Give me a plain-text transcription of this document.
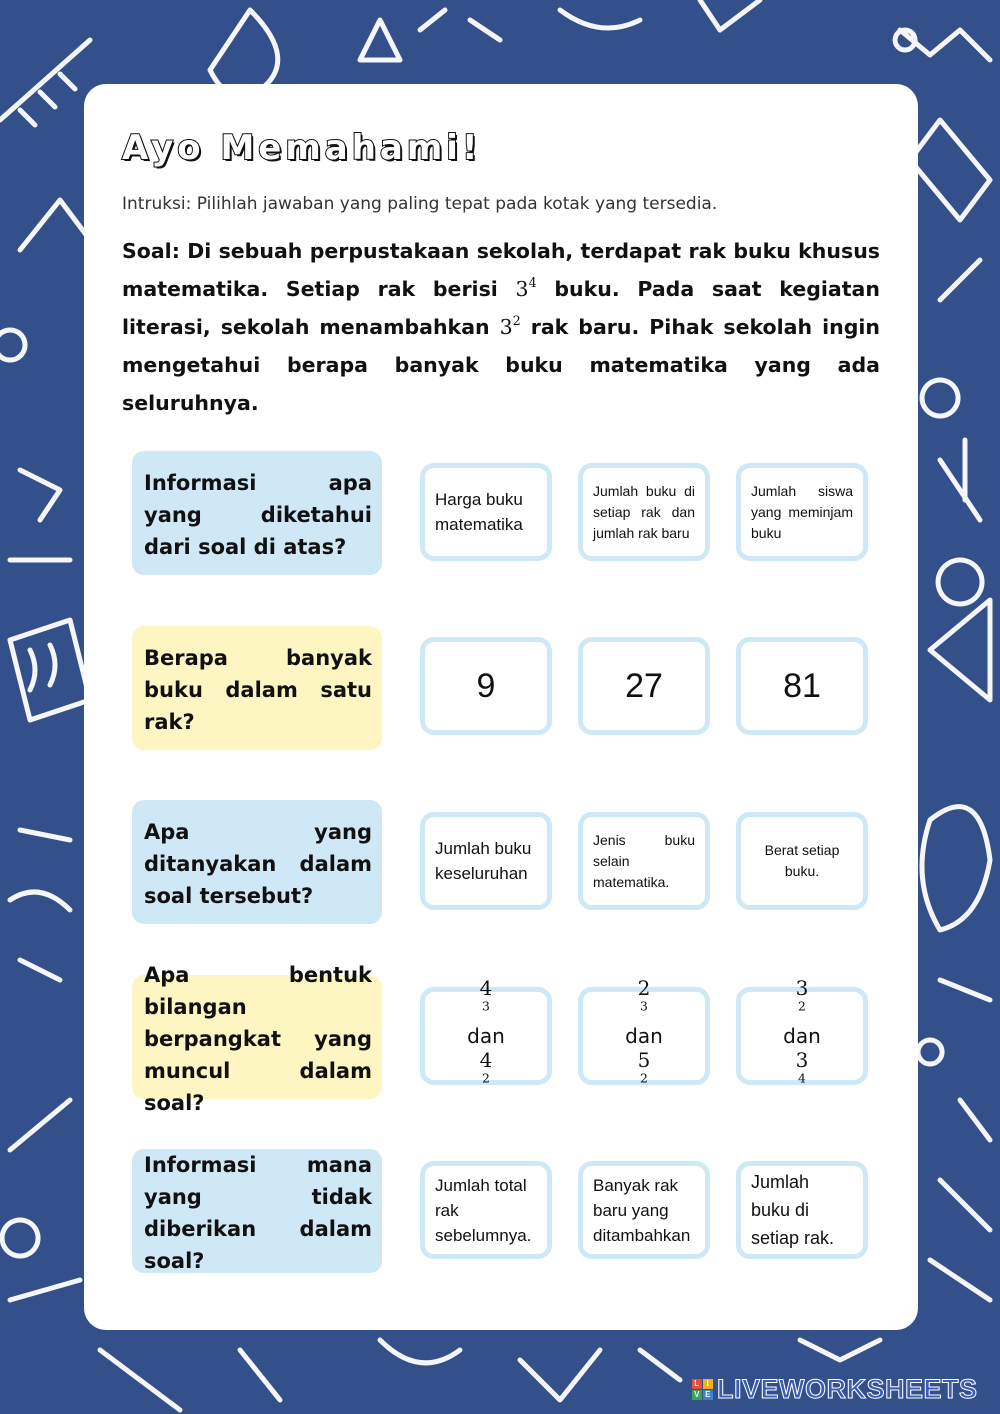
Ayo Memahami!
Intruksi: Pilihlah jawaban yang paling tepat pada kotak yang tersedia.
Soal: Di sebuah perpustakaan sekolah, terdapat rak buku khusus matematika. Setiap rak berisi $3^4$ buku. Pada saat kegiatan literasi, sekolah menambahkan $3^2$ rak baru. Pihak sekolah ingin mengetahui berapa banyak buku matematika yang ada seluruhnya.
Informasi apa yang diketahui dari soal di atas?
Harga buku matematika
Jumlah buku di setiap rak dan jumlah rak baru
Jumlah siswa yang meminjam buku
Berapa banyak buku dalam satu rak?
9	27	81
Apa yang ditanyakan dalam soal tersebut?
Jumlah buku keseluruhan
Jenis buku selain matematika.
Berat setiap buku.
Apa bentuk bilangan berpangkat yang muncul dalam soal?
4
$^3$
dan
4
$^2$
2
$^3$
dan
5
$^2$
3
$^2$
dan
3
$^4$
Informasi mana yang tidak diberikan dalam soal?
Jumlah total rak sebelumnya.
Banyak rak baru yang ditambahkan
Jumlah buku di setiap rak.
L I
V E LIVEWORKSHEETS
